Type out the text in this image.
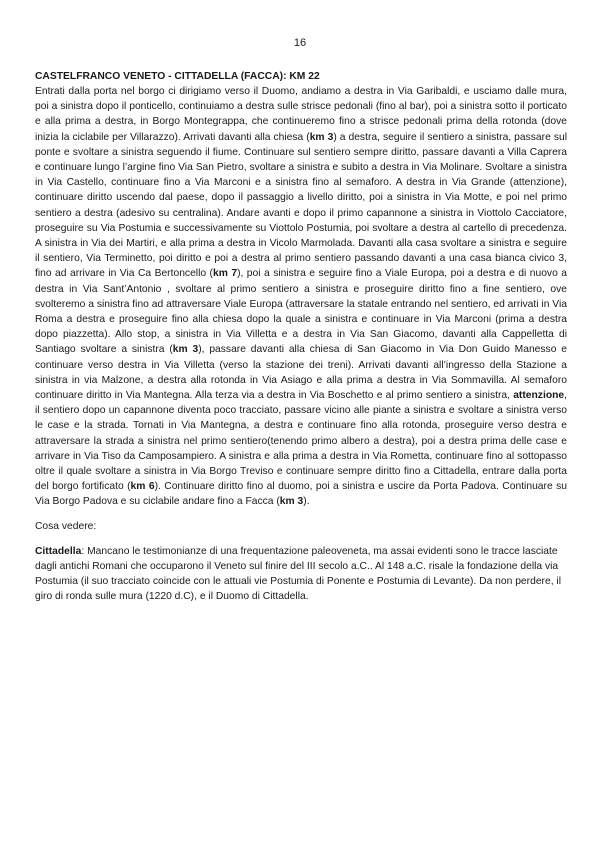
16

CASTELFRANCO VENETO - CITTADELLA (FACCA): KM 22

Entrati dalla porta nel borgo ci dirigiamo verso il Duomo, andiamo a destra in Via Garibaldi, e usciamo dalle mura, poi a sinistra dopo il ponticello, continuiamo a destra sulle strisce pedonali (fino al bar), poi a sinistra sotto il porticato e alla prima a destra, in Borgo Montegrappa, che continueremo fino a strisce pedonali prima della rotonda (dove inizia la ciclabile per Villarazzo). Arrivati davanti alla chiesa (km 3) a destra, seguire il sentiero a sinistra, passare sul ponte e svoltare a sinistra seguendo il fiume. Continuare sul sentiero sempre diritto, passare davanti a Villa Caprera e continuare lungo l’argine fino Via San Pietro, svoltare a sinistra e subito a destra in Via Molinare. Svoltare a sinistra in Via Castello, continuare fino a Via Marconi e a sinistra fino al semaforo. A destra in Via Grande (attenzione), continuare diritto uscendo dal paese, dopo il passaggio a livello diritto, poi a sinistra in Via Motte, e poi nel primo sentiero a destra (adesivo su centralina). Andare avanti e dopo il primo capannone a sinistra in Viottolo Cacciatore, proseguire su Via Postumia e successivamente su Viottolo Postumia, poi svoltare a destra al cartello di precedenza. A sinistra in Via dei Martiri, e alla prima a destra in Vicolo Marmolada. Davanti alla casa svoltare a sinistra e seguire il sentiero, Via Terminetto, poi diritto e poi a destra al primo sentiero passando davanti a una casa bianca civico 3, fino ad arrivare in Via Ca Bertoncello (km 7), poi a sinistra e seguire fino a Viale Europa, poi a destra e di nuovo a destra in Via Sant’Antonio , svoltare al primo sentiero a sinistra e proseguire diritto fino a fine sentiero, ove svolteremo a sinistra fino ad attraversare Viale Europa (attraversare la statale entrando nel sentiero, ed arrivati in Via Roma a destra e proseguire fino alla chiesa dopo la quale a sinistra e continuare in Via Marconi (prima a destra dopo piazzetta). Allo stop, a sinistra in Via Villetta e a destra in Via San Giacomo, davanti alla Cappelletta di Santiago svoltare a sinistra (km 3), passare davanti alla chiesa di San Giacomo in Via Don Guido Manesso e continuare verso destra in Via Villetta (verso la stazione dei treni). Arrivati davanti all’ingresso della Stazione a sinistra in via Malzone, a destra alla rotonda in Via Asiago e alla prima a destra in Via Sommavilla. Al semaforo continuare diritto in Via Mantegna. Alla terza via a destra in Via Boschetto e al primo sentiero a sinistra, attenzione, il sentiero dopo un capannone diventa poco tracciato, passare vicino alle piante a sinistra e svoltare a sinistra verso le case e la strada. Tornati in Via Mantegna, a destra e continuare fino alla rotonda, proseguire verso destra e attraversare la strada a sinistra nel primo sentiero(tenendo primo albero a destra), poi a destra prima delle case e arrivare in Via Tiso da Camposampiero. A sinistra e alla prima a destra in Via Rometta, continuare fino al sottopasso oltre il quale svoltare a sinistra in Via Borgo Treviso e continuare sempre diritto fino a Cittadella, entrare dalla porta del borgo fortificato (km 6). Continuare diritto fino al duomo, poi a sinistra e uscire da Porta Padova. Continuare su Via Borgo Padova e su ciclabile andare fino a Facca (km 3).

Cosa vedere:

Cittadella: Mancano le testimonianze di una frequentazione paleoveneta, ma assai evidenti sono le tracce lasciate dagli antichi Romani che occuparono il Veneto sul finire del III secolo a.C.. Al 148 a.C. risale la fondazione della via Postumia (il suo tracciato coincide con le attuali vie Postumia di Ponente e Postumia di Levante). Da non perdere, il giro di ronda sulle mura (1220 d.C), e il Duomo di Cittadella.
